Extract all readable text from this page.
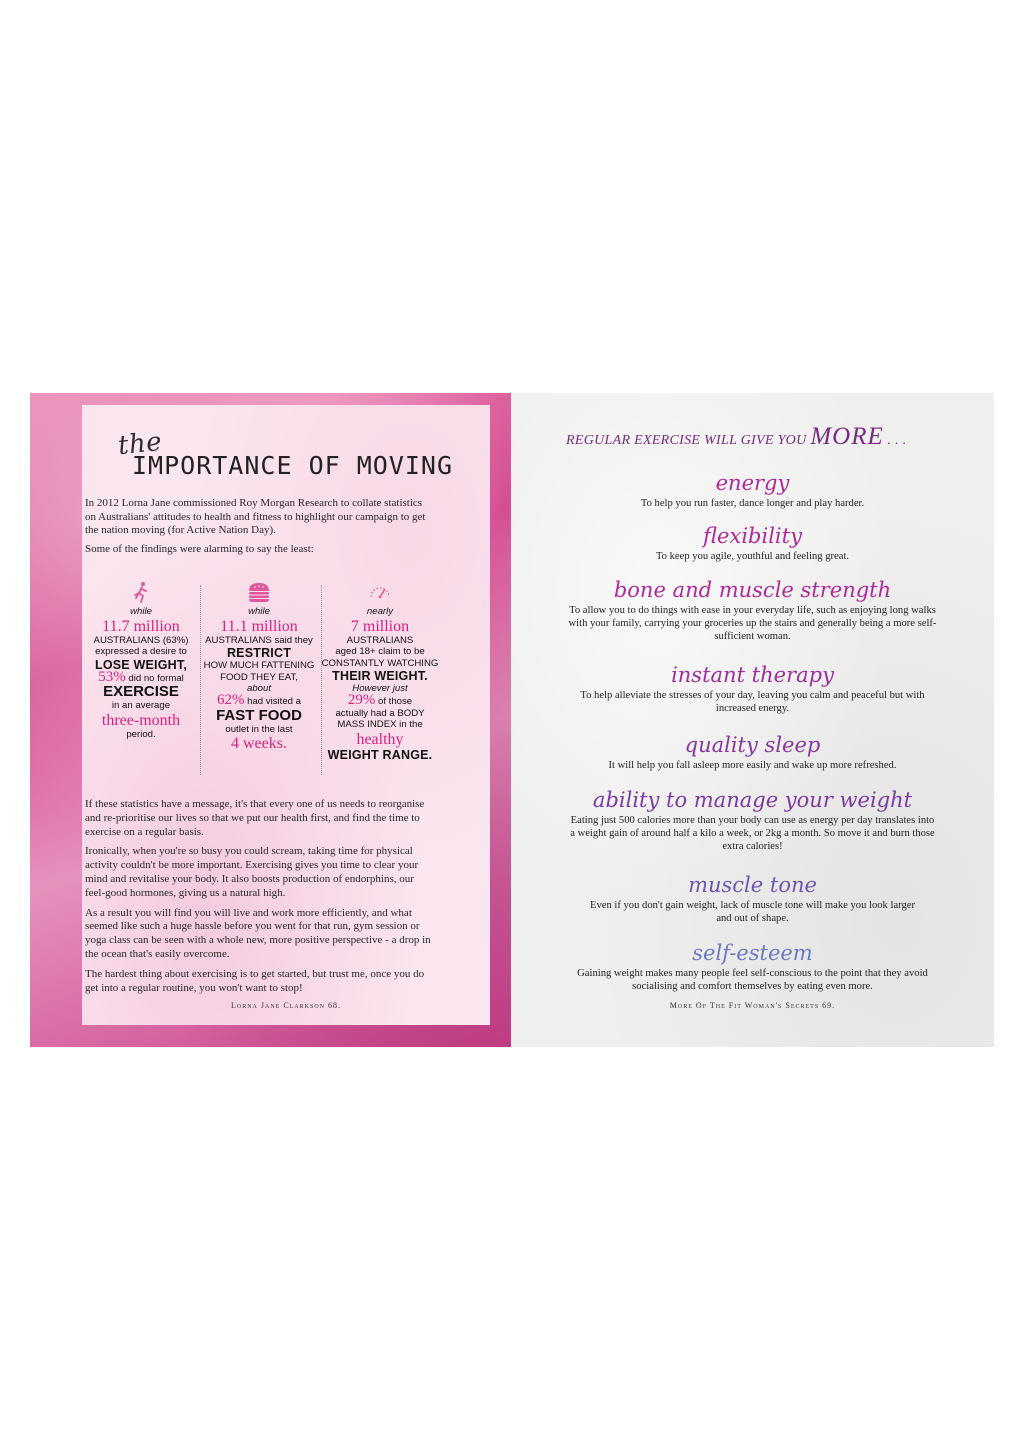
the
IMPORTANCE OF MOVING

In 2012 Lorna Jane commissioned Roy Morgan Research to collate statistics on Australians' attitudes to health and fitness to highlight our campaign to get the nation moving (for Active Nation Day).

Some of the findings were alarming to say the least:

while
11.7 million
AUSTRALIANS (63%)
expressed a desire to
LOSE WEIGHT,
53% did no formal
EXERCISE
in an average
three-month
period.
while
11.1 million
AUSTRALIANS said they
RESTRICT
HOW MUCH FATTENING
FOOD THEY EAT,
about
62% had visited a
FAST FOOD
outlet in the last
4 weeks.
nearly
7 million
AUSTRALIANS
aged 18+ claim to be
CONSTANTLY WATCHING
THEIR WEIGHT.
However just
29% of those
actually had a BODY
MASS INDEX in the
healthy
WEIGHT RANGE.

If these statistics have a message, it's that every one of us needs to reorganise and re-prioritise our lives so that we put our health first, and find the time to exercise on a regular basis.

Ironically, when you're so busy you could scream, taking time for physical activity couldn't be more important. Exercising gives you time to clear your mind and revitalise your body. It also boosts production of endorphins, our feel-good hormones, giving us a natural high.

As a result you will find you will live and work more efficiently, and what seemed like such a huge hassle before you went for that run, gym session or yoga class can be seen with a whole new, more positive perspective - a drop in the ocean that's easily overcome.

The hardest thing about exercising is to get started, but trust me, once you do get into a regular routine, you won't want to stop!

Lorna Jane Clarkson 68.
REGULAR EXERCISE WILL GIVE YOU MORE . . .
energy
To help you run faster, dance longer and play harder.
flexibility
To keep you agile, youthful and feeling great.
bone and muscle strength
To allow you to do things with ease in your everyday life, such as enjoying long walks with your family, carrying your groceries up the stairs and generally being a more self-sufficient woman.
instant therapy
To help alleviate the stresses of your day, leaving you calm and peaceful but with increased energy.
quality sleep
It will help you fall asleep more easily and wake up more refreshed.
ability to manage your weight
Eating just 500 calories more than your body can use as energy per day translates into a weight gain of around half a kilo a week, or 2kg a month. So move it and burn those extra calories!
muscle tone
Even if you don't gain weight, lack of muscle tone will make you look larger and out of shape.
self-esteem
Gaining weight makes many people feel self-conscious to the point that they avoid socialising and comfort themselves by eating even more.
More Of The Fit Woman's Secrets 69.
